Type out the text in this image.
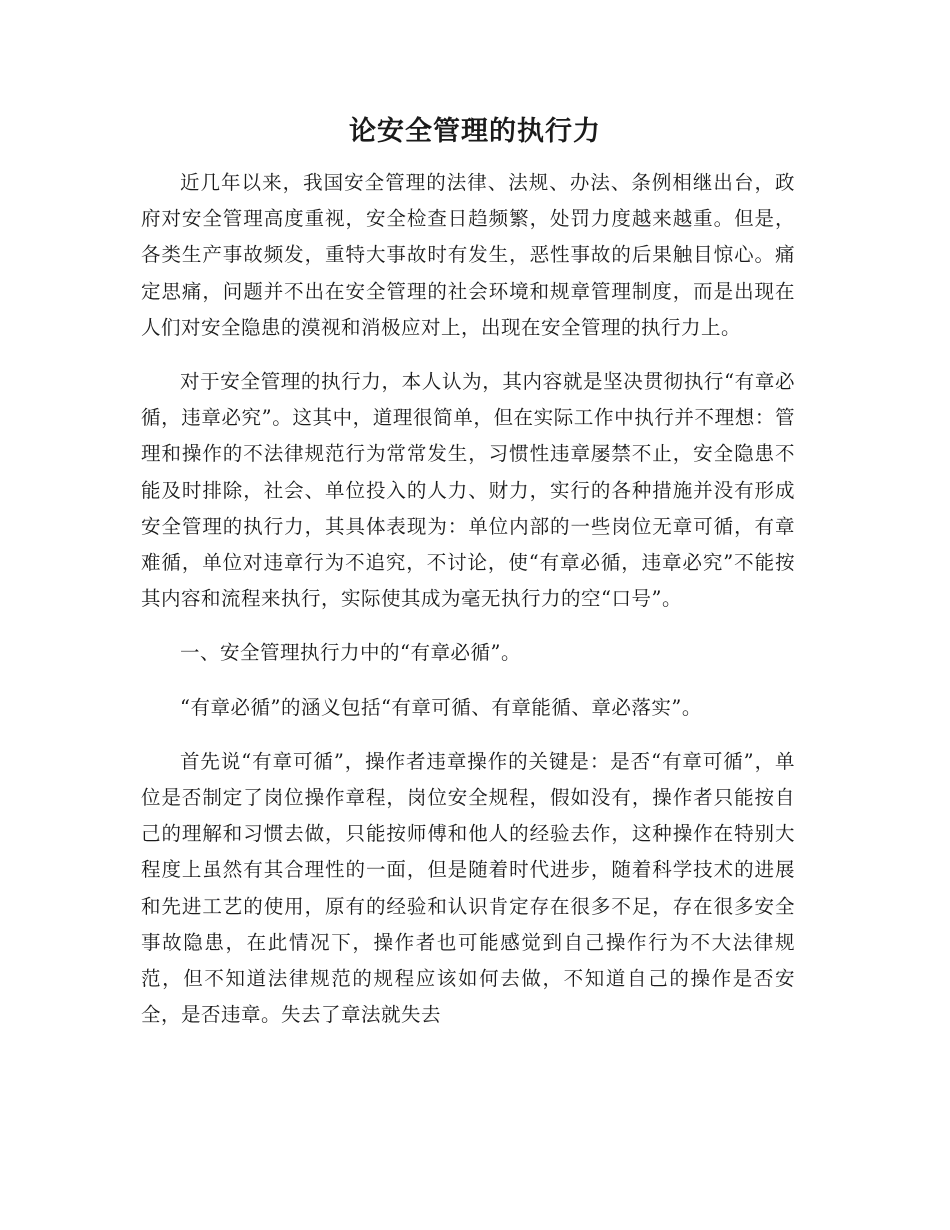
论安全管理的执行力

近几年以来，我国安全管理的法律、法规、办法、条例相继出台，政府对安全管理高度重视，安全检查日趋频繁，处罚力度越来越重。但是，各类生产事故频发，重特大事故时有发生，恶性事故的后果触目惊心。痛定思痛，问题并不出在安全管理的社会环境和规章管理制度，而是出现在人们对安全隐患的漠视和消极应对上，出现在安全管理的执行力上。

对于安全管理的执行力，本人认为，其内容就是坚决贯彻执行“有章必循，违章必究”。这其中，道理很简单，但在实际工作中执行并不理想：管理和操作的不法律规范行为常常发生，习惯性违章屡禁不止，安全隐患不能及时排除，社会、单位投入的人力、财力，实行的各种措施并没有形成安全管理的执行力，其具体表现为：单位内部的一些岗位无章可循，有章难循，单位对违章行为不追究，不讨论，使“有章必循，违章必究”不能按其内容和流程来执行，实际使其成为毫无执行力的空“口号”。

一、安全管理执行力中的“有章必循”。

“有章必循”的涵义包括“有章可循、有章能循、章必落实”。

首先说“有章可循”，操作者违章操作的关键是：是否“有章可循”，单位是否制定了岗位操作章程，岗位安全规程，假如没有，操作者只能按自己的理解和习惯去做，只能按师傅和他人的经验去作，这种操作在特别大程度上虽然有其合理性的一面，但是随着时代进步，随着科学技术的进展和先进工艺的使用，原有的经验和认识肯定存在很多不足，存在很多安全事故隐患，在此情况下，操作者也可能感觉到自己操作行为不大法律规范，但不知道法律规范的规程应该如何去做，不知道自己的操作是否安全，是否违章。失去了章法就失去
